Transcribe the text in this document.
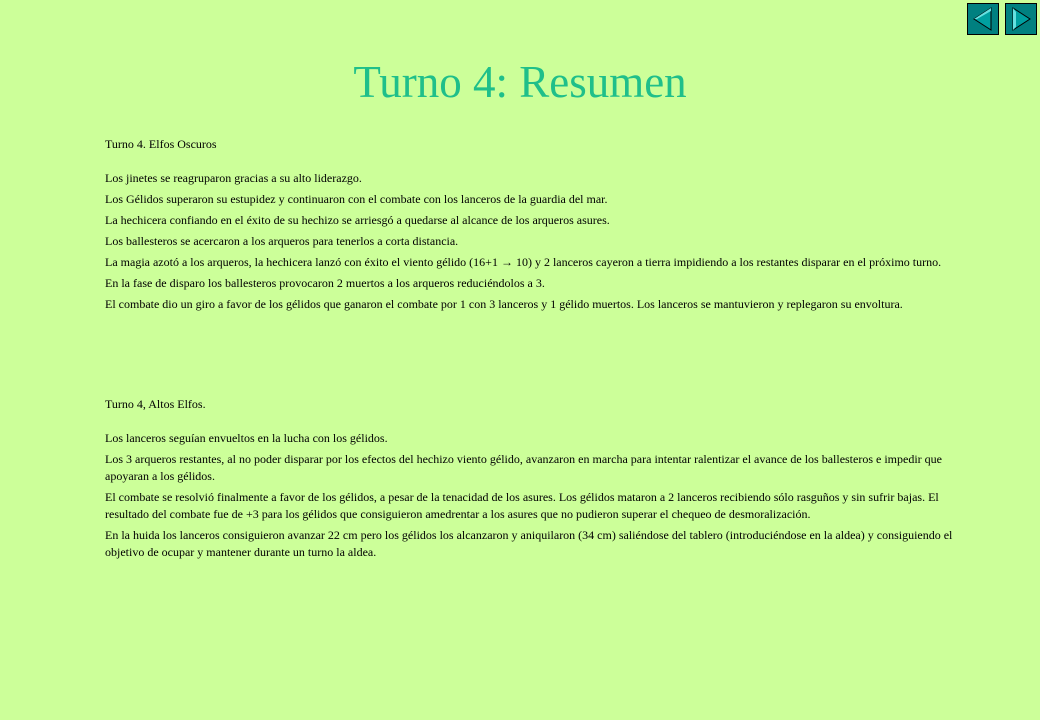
Turno 4: Resumen

Turno 4. Elfos Oscuros

Los jinetes se reagruparon gracias a su alto liderazgo.

Los Gélidos superaron su estupidez y continuaron con el combate con los lanceros de la guardia del mar.

La hechicera confiando en el éxito de su hechizo se arriesgó a quedarse al alcance de los arqueros asures.

Los ballesteros se acercaron a los arqueros para tenerlos a corta distancia.

La magia azotó a los arqueros, la hechicera lanzó con éxito el viento gélido (16+1 → 10) y 2 lanceros cayeron a tierra impidiendo a los restantes disparar en el próximo turno.

En la fase de disparo los ballesteros provocaron 2 muertos a los arqueros reduciéndolos a 3.

El combate dio un giro a favor de los gélidos que ganaron el combate por 1 con 3 lanceros y 1 gélido muertos. Los lanceros se mantuvieron y replegaron su envoltura.

Turno 4, Altos Elfos.

Los lanceros seguían envueltos en la lucha con los gélidos.

Los 3 arqueros restantes, al no poder disparar por los efectos del hechizo viento gélido, avanzaron en marcha para intentar ralentizar el avance de los ballesteros e impedir que apoyaran a los gélidos.

El combate se resolvió finalmente a favor de los gélidos, a pesar de la tenacidad de los asures. Los gélidos mataron a 2 lanceros recibiendo sólo rasguños y sin sufrir bajas. El resultado del combate fue de +3 para los gélidos que consiguieron amedrentar a los asures que no pudieron superar el chequeo de desmoralización.

En la huida los lanceros consiguieron avanzar 22 cm pero los gélidos los alcanzaron y aniquilaron (34 cm) saliéndose del tablero (introduciéndose en la aldea) y consiguiendo el objetivo de ocupar y mantener durante un turno la aldea.
